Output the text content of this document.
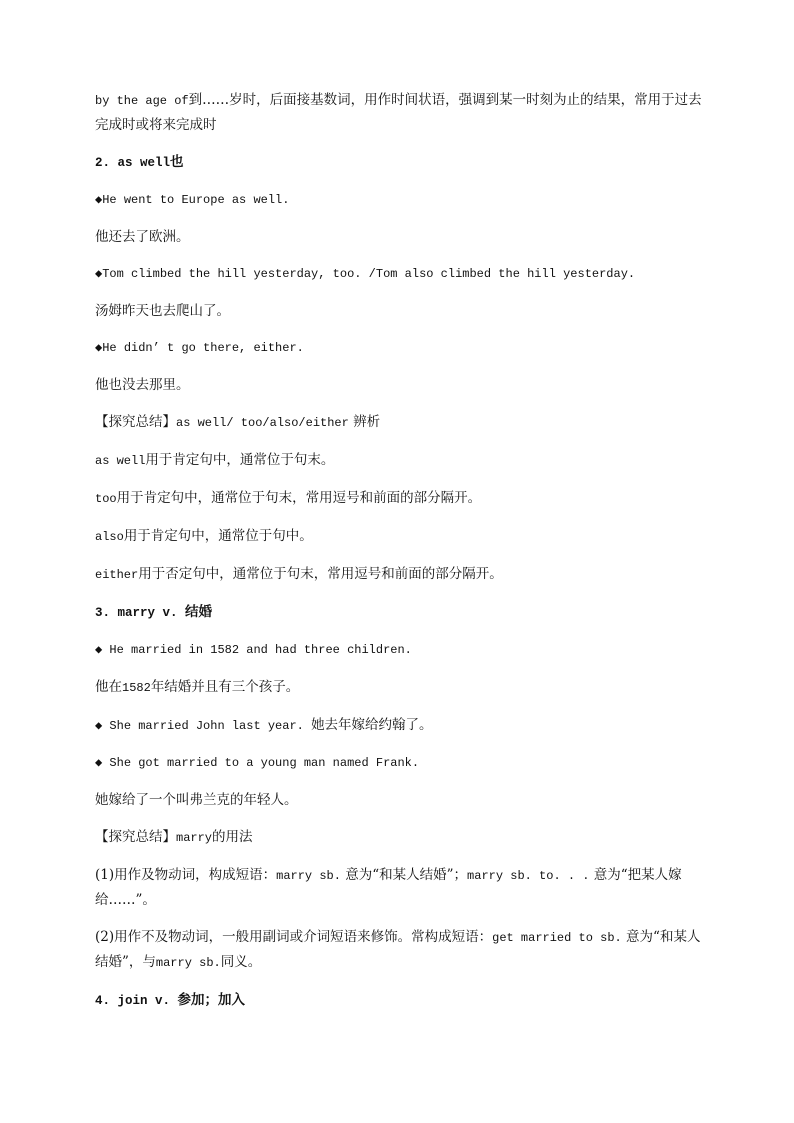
by the age of到……岁时，后面接基数词，用作时间状语，强调到某一时刻为止的结果，常用于过去完成时或将来完成时

2. as well也

◆He went to Europe as well.

他还去了欧洲。

◆Tom climbed the hill yesterday, too. /Tom also climbed the hill yesterday.

汤姆昨天也去爬山了。

◆He didn’ t go there, either.

他也没去那里。

【探究总结】as well/ too/also/either 辨析

as well用于肯定句中，通常位于句末。

too用于肯定句中，通常位于句末，常用逗号和前面的部分隔开。

also用于肯定句中，通常位于句中。

either用于否定句中，通常位于句末，常用逗号和前面的部分隔开。

3. marry v. 结婚

◆ He married in 1582 and had three children.

他在1582年结婚并且有三个孩子。

◆ She married John last year. 她去年嫁给约翰了。

◆ She got married to a young man named Frank.

她嫁给了一个叫弗兰克的年轻人。

【探究总结】marry的用法

(1)用作及物动词，构成短语：marry sb. 意为“和某人结婚”；marry sb. to. . . 意为“把某人嫁给……”。

(2)用作不及物动词，一般用副词或介词短语来修饰。常构成短语：get married to sb. 意为“和某人结婚”，与marry sb.同义。

4. join v. 参加；加入
